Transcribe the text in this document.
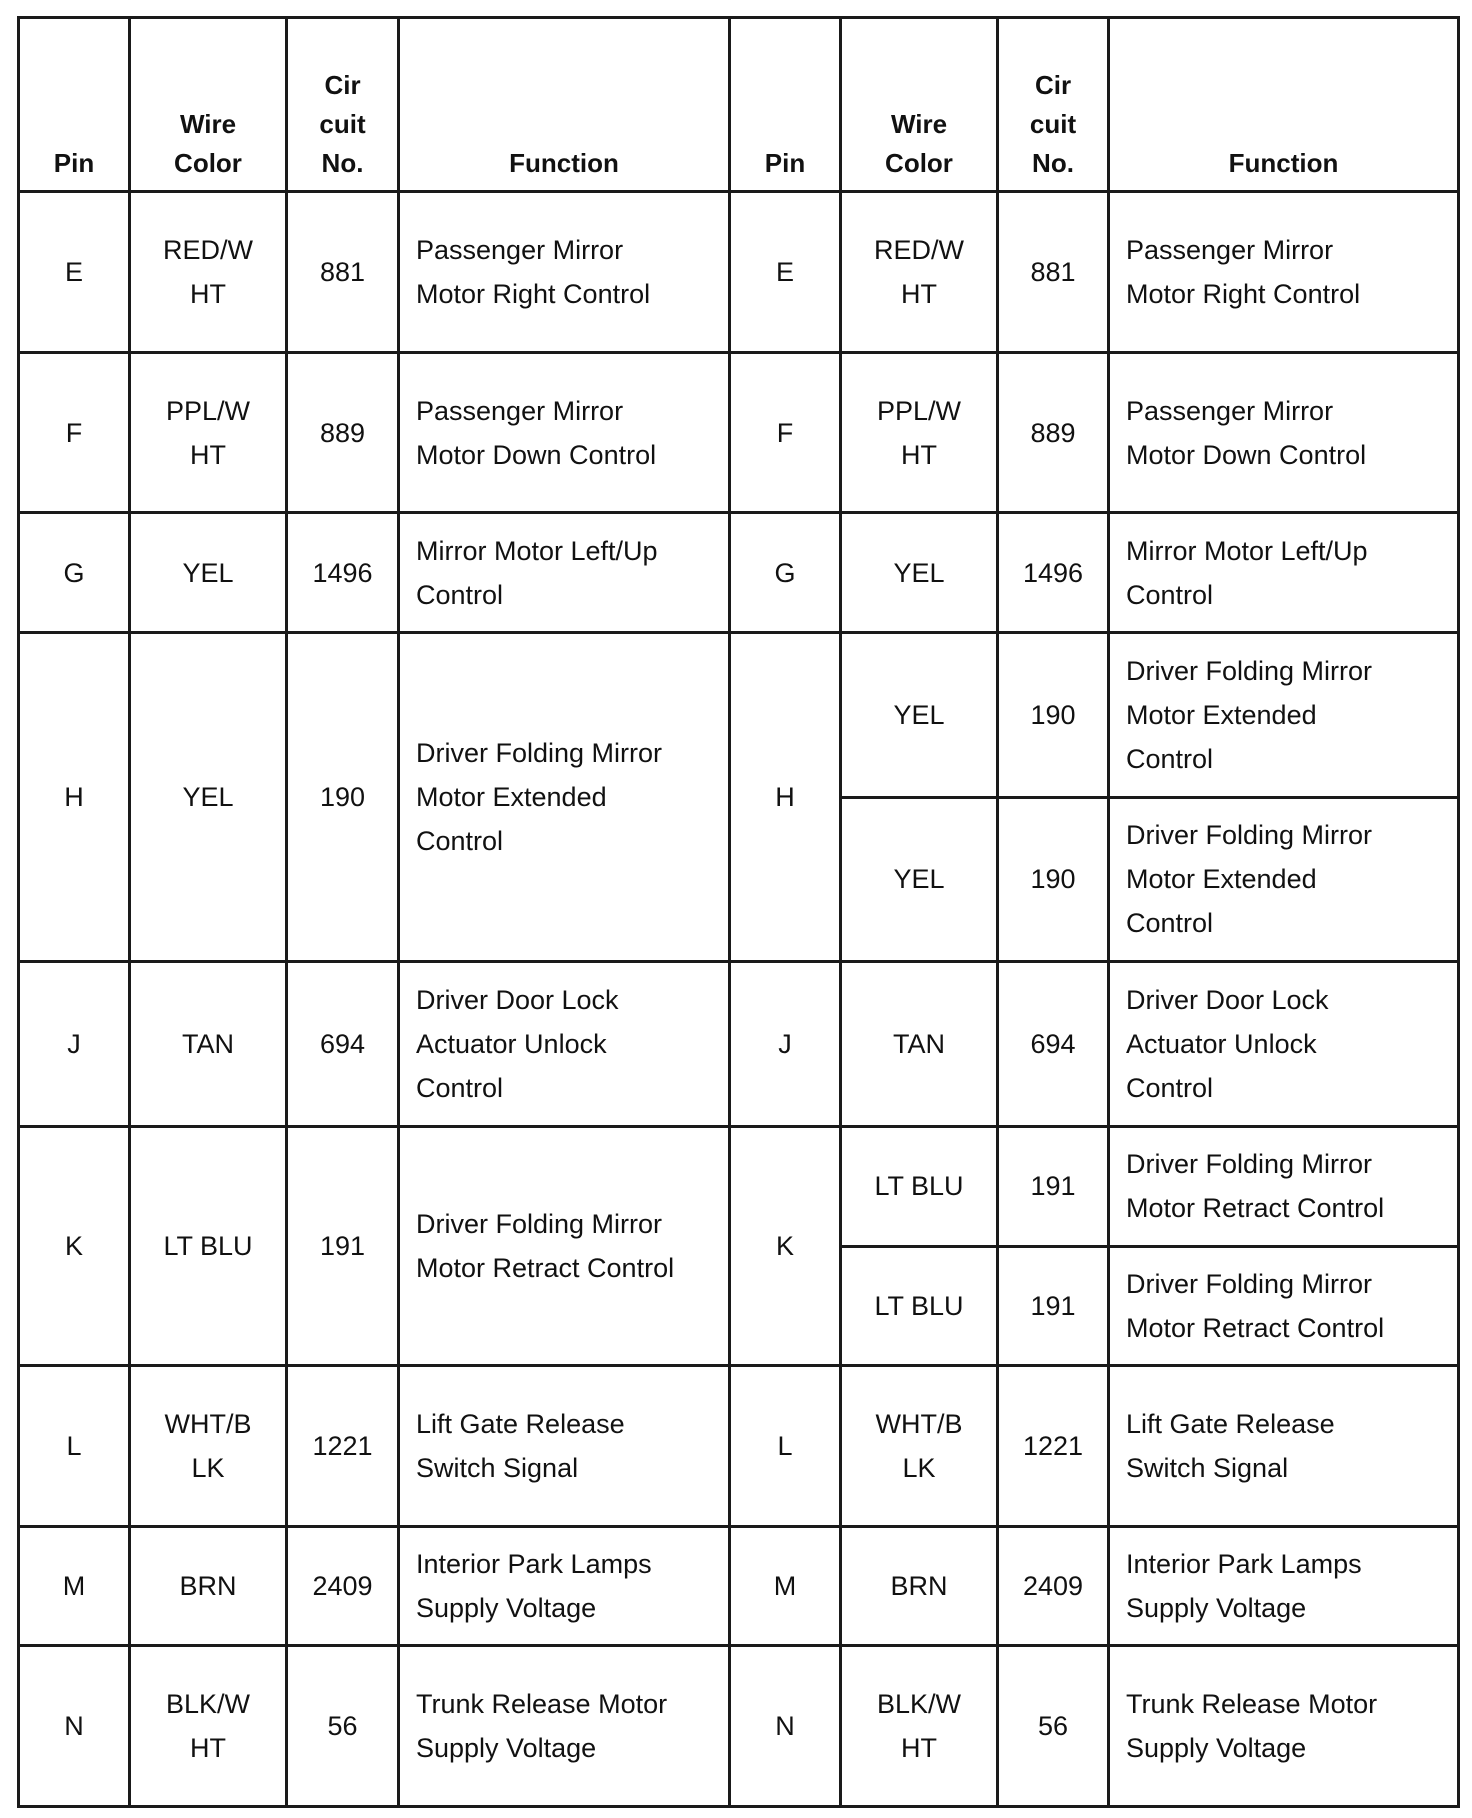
Pin	Wire
Color	Cir
cuit
No.	Function	Pin	Wire
Color	Cir
cuit
No.	Function
E	RED/W
HT	881	Passenger Mirror
Motor Right Control	E	RED/W
HT	881	Passenger Mirror
Motor Right Control
F	PPL/W
HT	889	Passenger Mirror
Motor Down Control	F	PPL/W
HT	889	Passenger Mirror
Motor Down Control
G	YEL	1496	Mirror Motor Left/Up
Control	G	YEL	1496	Mirror Motor Left/Up
Control
H	YEL	190	Driver Folding Mirror
Motor Extended
Control	H	YEL	190	Driver Folding Mirror
Motor Extended
Control
					YEL	190	Driver Folding Mirror
Motor Extended
Control
J	TAN	694	Driver Door Lock
Actuator Unlock
Control	J	TAN	694	Driver Door Lock
Actuator Unlock
Control
K	LT BLU	191	Driver Folding Mirror
Motor Retract Control	K	LT BLU	191	Driver Folding Mirror
Motor Retract Control
					LT BLU	191	Driver Folding Mirror
Motor Retract Control
L	WHT/B
LK	1221	Lift Gate Release
Switch Signal	L	WHT/B
LK	1221	Lift Gate Release
Switch Signal
M	BRN	2409	Interior Park Lamps
Supply Voltage	M	BRN	2409	Interior Park Lamps
Supply Voltage
N	BLK/W
HT	56	Trunk Release Motor
Supply Voltage	N	BLK/W
HT	56	Trunk Release Motor
Supply Voltage
